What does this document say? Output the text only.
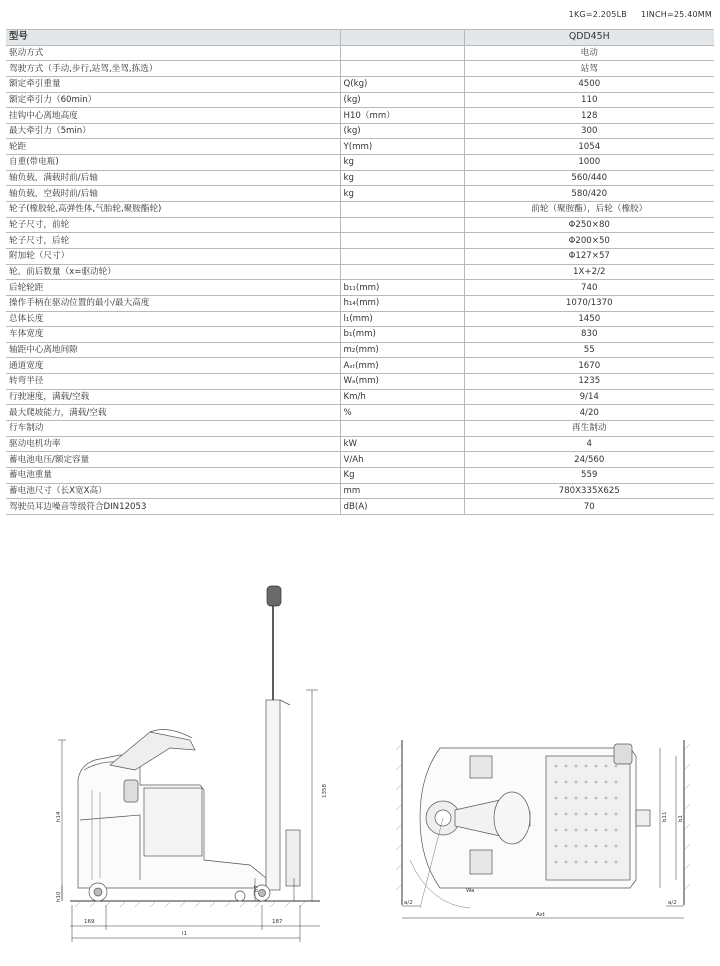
1KG=2.205LB 1INCH=25.40MM
型号		QDD45H
驱动方式		电动
驾驶方式（手动,步行,站驾,坐驾,拣选）		站驾
额定牵引重量	Q(kg)	4500
额定牵引力（60min）	(kg)	110
挂钩中心离地高度	H10（mm）	128
最大牵引力（5min）	(kg)	300
轮距	Y(mm)	1054
自重(带电瓶)	kg	1000
轴负载，满载时前/后轴	kg	560/440
轴负载，空载时前/后轴	kg	580/420
轮子(橡胶轮,高弹性体,气胎轮,聚胺酯轮)		前轮（聚胺酯），后轮（橡胶）
轮子尺寸，前轮		Φ250×80
轮子尺寸，后轮		Φ200×50
附加轮（尺寸）		Φ127×57
轮，前后数量（x=驱动轮）		1X+2/2
后轮轮距	b₁₁(mm)	740
操作手柄在驱动位置的最小/最大高度	h₁₄(mm)	1070/1370
总体长度	l₁(mm)	1450
车体宽度	b₁(mm)	830
轴距中心离地间隙	m₂(mm)	55
通道宽度	Aₛₜ(mm)	1670
转弯半径	Wₐ(mm)	1235
行驶速度，满载/空载	Km/h	9/14
最大爬坡能力，满载/空载	%	4/20
行车制动		再生制动
驱动电机功率	kW	4
蓄电池电压/额定容量	V/Ah	24/560
蓄电池重量	Kg	559
蓄电池尺寸（长X宽X高）	mm	780X335X625
驾驶员耳边噪音等级符合DIN12053	dB(A)	70
h14
1358
h7
h10
169	187
l1
a/2	a/2
Ast
Wa
b11 b1
